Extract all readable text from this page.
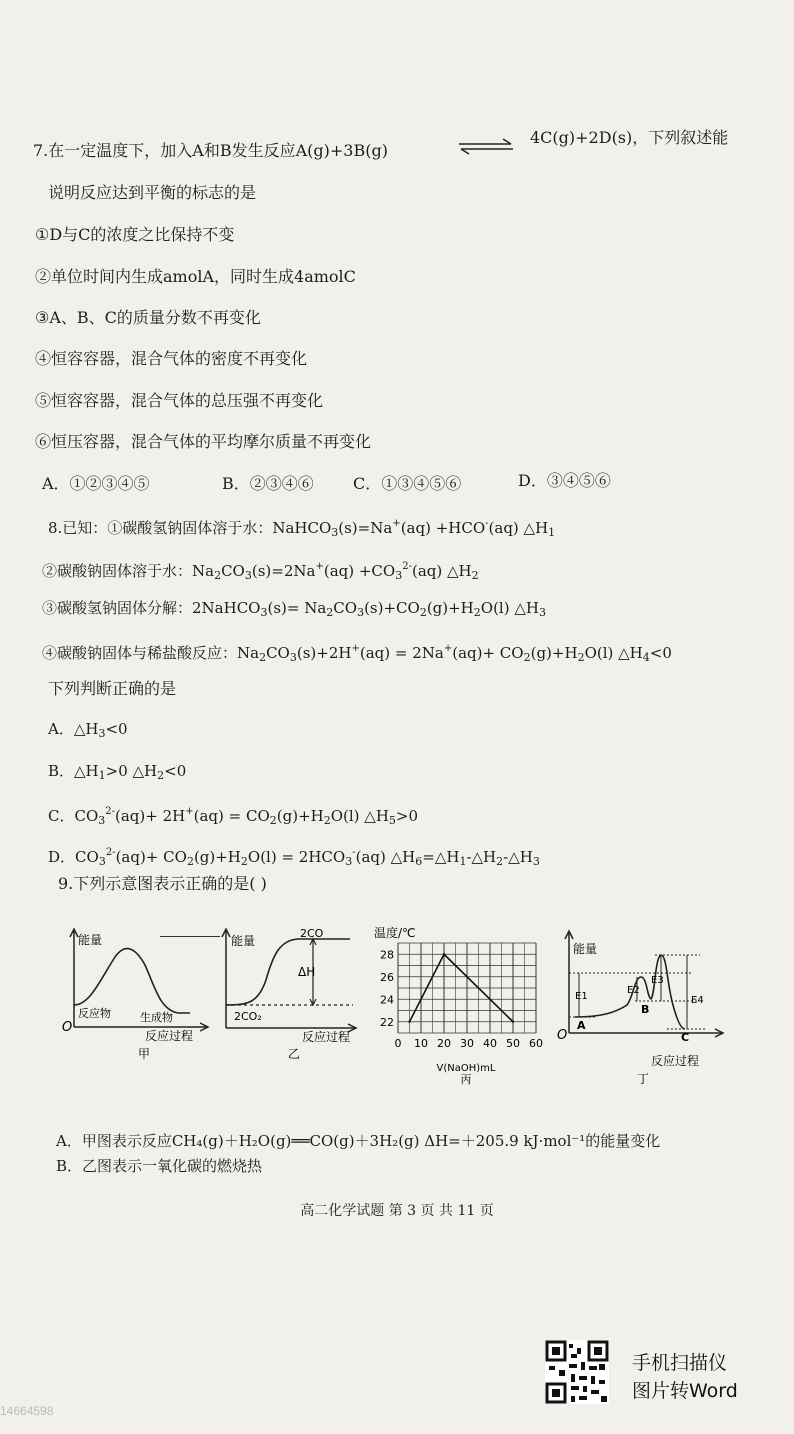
7.在一定温度下，加入A和B发生反应A(g)+3B(g)	⇌ 4C(g)+2D(s)，下列叙述能
说明反应达到平衡的标志的是
①D与C的浓度之比保持不变
②单位时间内生成amolA，同时生成4amolC
③A、B、C的质量分数不再变化
④恒容容器，混合气体的密度不再变化
⑤恒容容器，混合气体的总压强不再变化
⑥恒压容器，混合气体的平均摩尔质量不再变化
A．①②③④⑤	B．②③④⑥ C．①③④⑤⑥	D．③④⑤⑥
8.已知：①碳酸氢钠固体溶于水：NaHCO$_3$(s)=Na+(aq) +HCO-(aq) $\triangle H_1$
②碳酸钠固体溶于水：$Na_2CO_3(s)=2Na^+(aq) +CO_3^{2-}(aq)$ $\triangle H_2$
③碳酸氢钠固体分解：2NaHCO$_3$(s)= $Na_2CO_3(s)+CO_2(g)+H_2O(l)$ $\triangle H_3$
④碳酸钠固体与稀盐酸反应：$Na_2CO_3(s)+2H^+(aq) = 2Na^+(aq)+ CO_2(g)+H_2O(l)$ $\triangle H_4<0$
下列判断正确的是
A．$\triangle H_3<0$
B．$\triangle H_1>0$ $\triangle H_2<0$
C．$CO_3^{2-}(aq)+ 2H^+(aq) = CO_2(g)+H_2O(l)$ $\triangle H_5>0$
D．$CO_3^{2-}(aq)+ CO_2(g)+H_2O(l) = 2HCO_3^-(aq)$ $\triangle H_6=\triangle H_1-\triangle H_2-\triangle H_3$
9.下列示意图表示正确的是( )
能量
反应物	生成物
O
反应过程
甲
能量
2CO
ΔH
2CO₂
反应过程
乙
温度/℃
28
26
24
22
0 10 20 30 40 50 60
V(NaOH)mL
丙
能量
E1
E2
E3
E4
A
B
C
O
反应过程
丁
A．甲图表示反应CH₄(g)＋H₂O(g)══CO(g)＋3H₂(g) ΔH=＋205.9 kJ·mol⁻¹的能量变化
B．乙图表示一氧化碳的燃烧热
高二化学试题 第 3 页 共 11 页
手机扫描仪
图片转Word
14664598
